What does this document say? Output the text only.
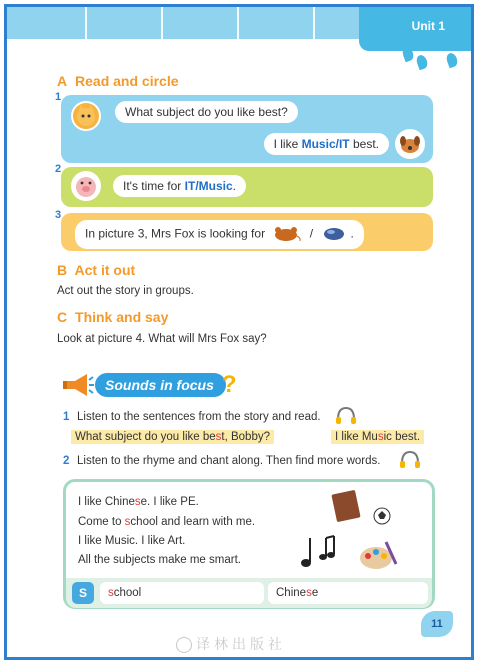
Unit 1
A Read and circle
1
What subject do you like best?
I like Music/IT best.
2
It's time for IT/Music.
3
In picture 3, Mrs Fox is looking for	/	.
B Act it out
Act out the story in groups.
C Think and say
Look at picture 4. What will Mrs Fox say?
Sounds in focus ?
1 Listen to the sentences from the story and read.
What subject do you like best, Bobby?	I like Music best.
2 Listen to the rhyme and chant along. Then find more words.
I like Chinese. I like PE.
Come to school and learn with me.
I like Music. I like Art.
All the subjects make me smart.
S	school	Chinese
11
译林出版社
